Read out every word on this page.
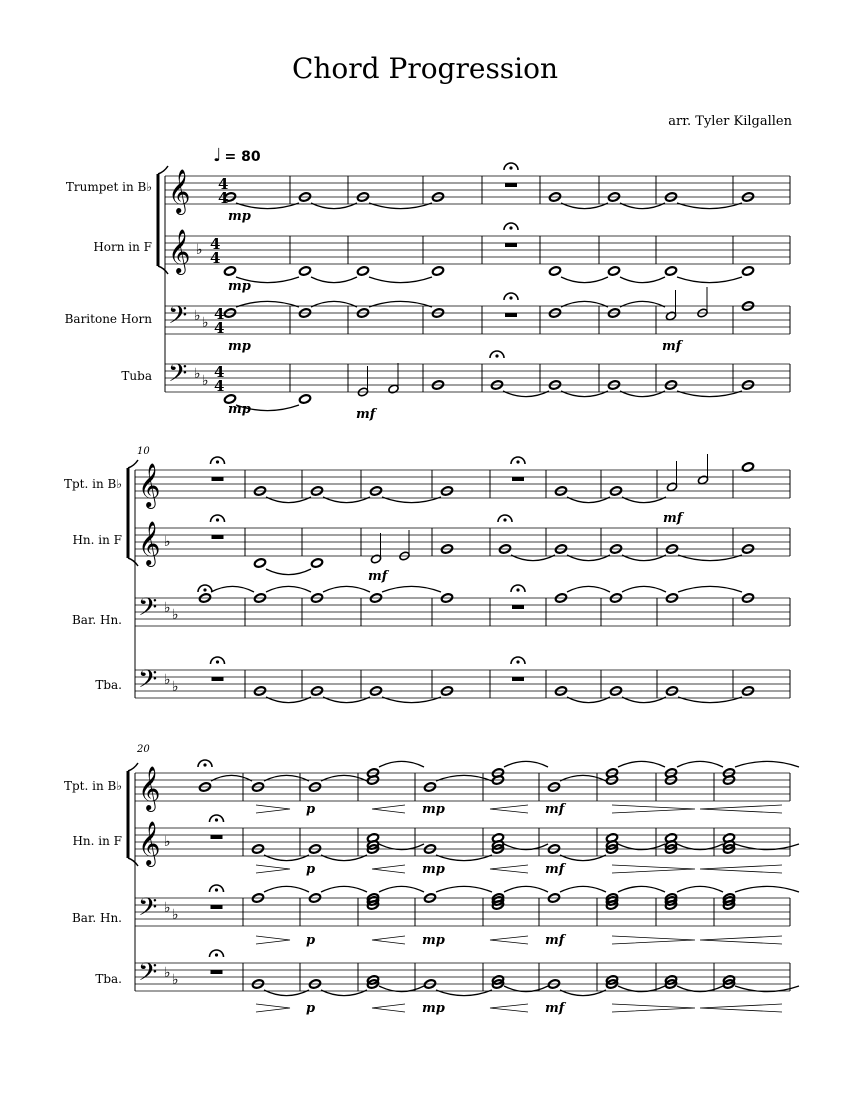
Chord Progression
arr. Tyler Kilgallen
♩ = 80
Trumpet in B♭
Horn in F
Baritone Horn
Tuba
Tpt. in B♭
Hn. in F
Bar. Hn.
Tba.
Tpt. in B♭
Hn. in F
Bar. Hn.
Tba.
10
20
𝄞
𝄞
𝄢
𝄢
♭
♭ ♭
♭ ♭
4
4
4
4
4
4
4
4
mp
mp
mp
mp	mf
mf
𝄞
𝄞
𝄢
𝄢
♭
♭ ♭
♭ ♭
mf
mf
𝄞
𝄞
𝄢
𝄢
♭
♭ ♭
♭ ♭
p	mp	mf
p	mp	mf
p	mp	mf
p	mp	mf
